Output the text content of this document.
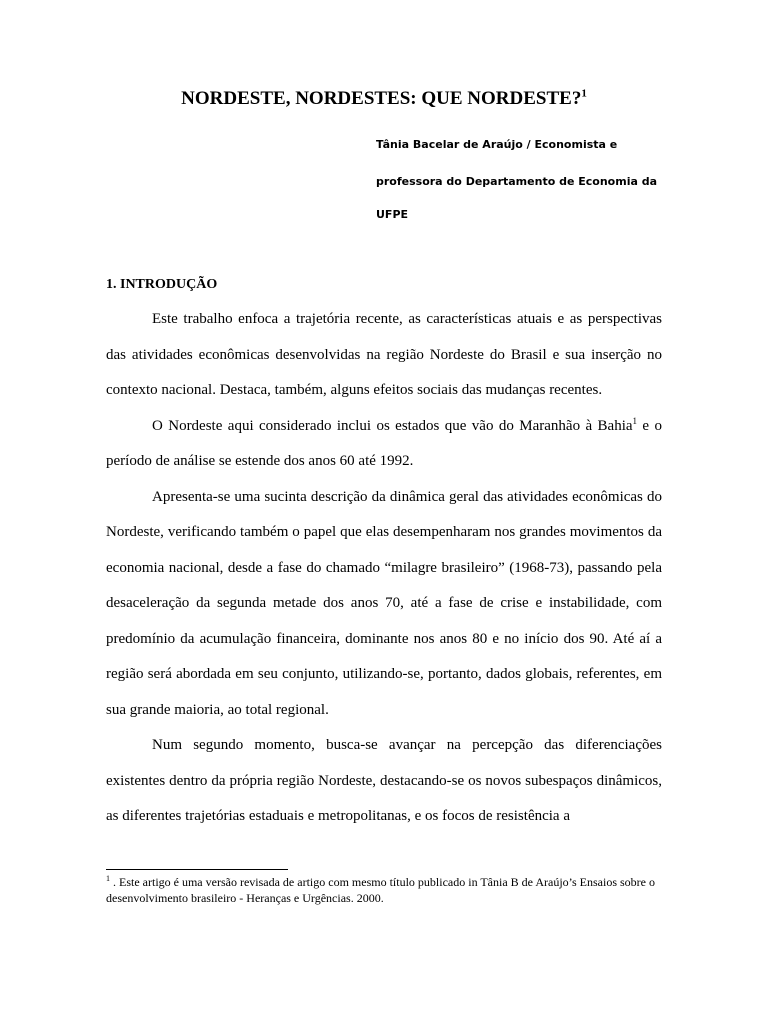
NORDESTE, NORDESTES: QUE NORDESTE?$^1$
Tânia Bacelar de Araújo / Economista e
professora do Departamento de Economia da
UFPE
1. INTRODUÇÃO

Este trabalho enfoca a trajetória recente, as características atuais e as perspectivas das atividades econômicas desenvolvidas na região Nordeste do Brasil e sua inserção no contexto nacional. Destaca, também, alguns efeitos sociais das mudanças recentes.

O Nordeste aqui considerado inclui os estados que vão do Maranhão à Bahia$^1$ e o período de análise se estende dos anos 60 até 1992.

Apresenta-se uma sucinta descrição da dinâmica geral das atividades econômicas do Nordeste, verificando também o papel que elas desempenharam nos grandes movimentos da economia nacional, desde a fase do chamado “milagre brasileiro” (1968-73), passando pela desaceleração da segunda metade dos anos 70, até a fase de crise e instabilidade, com predomínio da acumulação financeira, dominante nos anos 80 e no início dos 90. Até aí a região será abordada em seu conjunto, utilizando-se, portanto, dados globais, referentes, em sua grande maioria, ao total regional.

Num segundo momento, busca-se avançar na percepção das diferenciações existentes dentro da própria região Nordeste, destacando-se os novos subespaços dinâmicos, as diferentes trajetórias estaduais e metropolitanas, e os focos de resistência a

$^1$ . Este artigo é uma versão revisada de artigo com mesmo título publicado in Tânia B de Araújo’s Ensaios sobre o desenvolvimento brasileiro - Heranças e Urgências. 2000.
